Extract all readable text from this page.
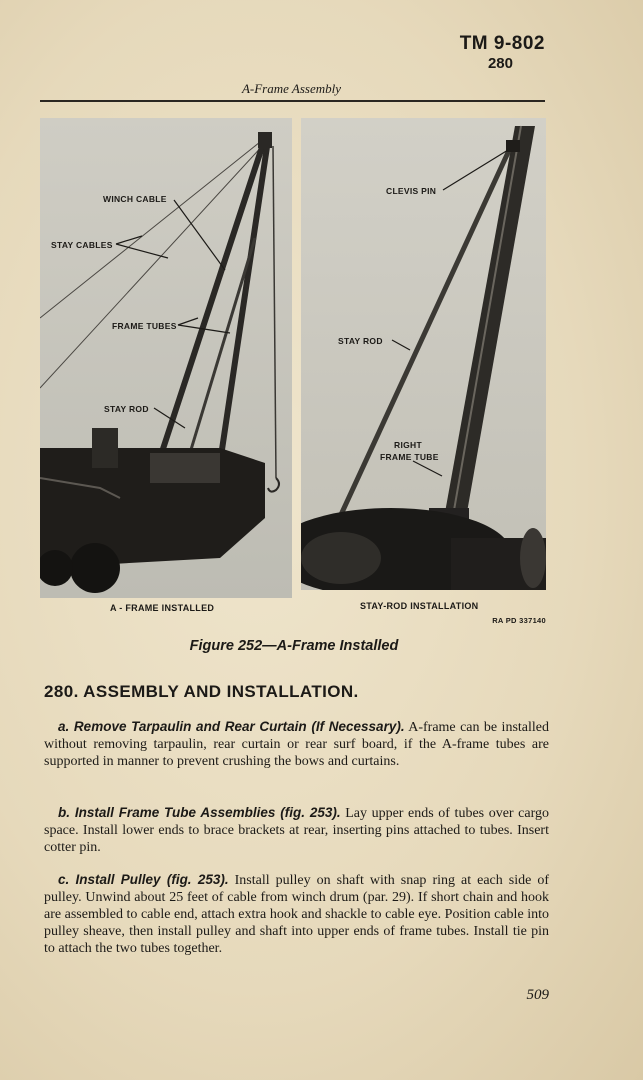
TM 9-802
280
A-Frame Assembly
WINCH CABLE
STAY CABLES
FRAME TUBES
STAY ROD
CLEVIS PIN
STAY ROD
RIGHT
FRAME TUBE
A - FRAME INSTALLED	STAY-ROD INSTALLATION
RA PD 337140
Figure 252—A-Frame Installed
280. ASSEMBLY AND INSTALLATION.
a. Remove Tarpaulin and Rear Curtain (If Necessary). A-frame can be installed without removing tarpaulin, rear curtain or rear surf board, if the A-frame tubes are supported in manner to prevent crushing the bows and curtains.
b. Install Frame Tube Assemblies (fig. 253). Lay upper ends of tubes over cargo space. Install lower ends to brace brackets at rear, inserting pins attached to tubes. Insert cotter pin.
c. Install Pulley (fig. 253). Install pulley on shaft with snap ring at each side of pulley. Unwind about 25 feet of cable from winch drum (par. 29). If short chain and hook are assembled to cable end, attach extra hook and shackle to cable eye. Position cable into pulley sheave, then install pulley and shaft into upper ends of frame tubes. Install tie pin to attach the two tubes together.
509
